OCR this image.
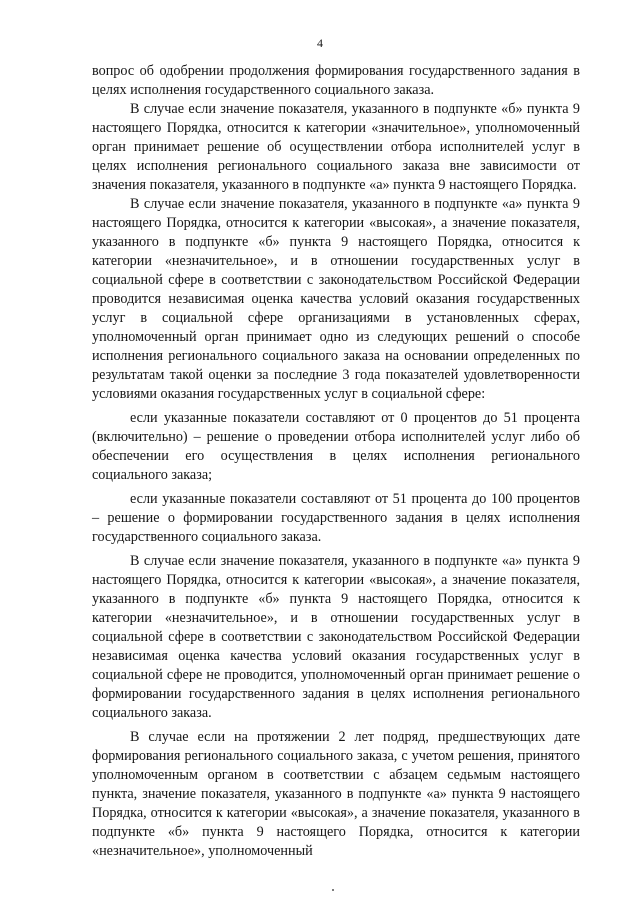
4

вопрос об одобрении продолжения формирования государственного задания в целях исполнения государственного социального заказа.

В случае если значение показателя, указанного в подпункте «б» пункта 9 настоящего Порядка, относится к категории «значительное», уполномоченный орган принимает решение об осуществлении отбора исполнителей услуг в целях исполнения регионального социального заказа вне зависимости от значения показателя, указанного в подпункте «а» пункта 9 настоящего Порядка.

В случае если значение показателя, указанного в подпункте «а» пункта 9 настоящего Порядка, относится к категории «высокая», а значение показателя, указанного в подпункте «б» пункта 9 настоящего Порядка, относится к категории «незначительное», и в отношении государственных услуг в социальной сфере в соответствии с законодательством Российской Федерации проводится независимая оценка качества условий оказания государственных услуг в социальной сфере организациями в установленных сферах, уполномоченный орган принимает одно из следующих решений о способе исполнения регионального социального заказа на основании определенных по результатам такой оценки за последние 3 года показателей удовлетворенности условиями оказания государственных услуг в социальной сфере:

если указанные показатели составляют от 0 процентов до 51 процента (включительно) – решение о проведении отбора исполнителей услуг либо об обеспечении его осуществления в целях исполнения регионального социального заказа;

если указанные показатели составляют от 51 процента до 100 процентов – решение о формировании государственного задания в целях исполнения государственного социального заказа.

В случае если значение показателя, указанного в подпункте «а» пункта 9 настоящего Порядка, относится к категории «высокая», а значение показателя, указанного в подпункте «б» пункта 9 настоящего Порядка, относится к категории «незначительное», и в отношении государственных услуг в социальной сфере в соответствии с законодательством Российской Федерации независимая оценка качества условий оказания государственных услуг в социальной сфере не проводится, уполномоченный орган принимает решение о формировании государственного задания в целях исполнения регионального социального заказа.

В случае если на протяжении 2 лет подряд, предшествующих дате формирования регионального социального заказа, с учетом решения, принятого уполномоченным органом в соответствии с абзацем седьмым настоящего пункта, значение показателя, указанного в подпункте «а» пункта 9 настоящего Порядка, относится к категории «высокая», а значение показателя, указанного в подпункте «б» пункта 9 настоящего Порядка, относится к категории «незначительное», уполномоченный
